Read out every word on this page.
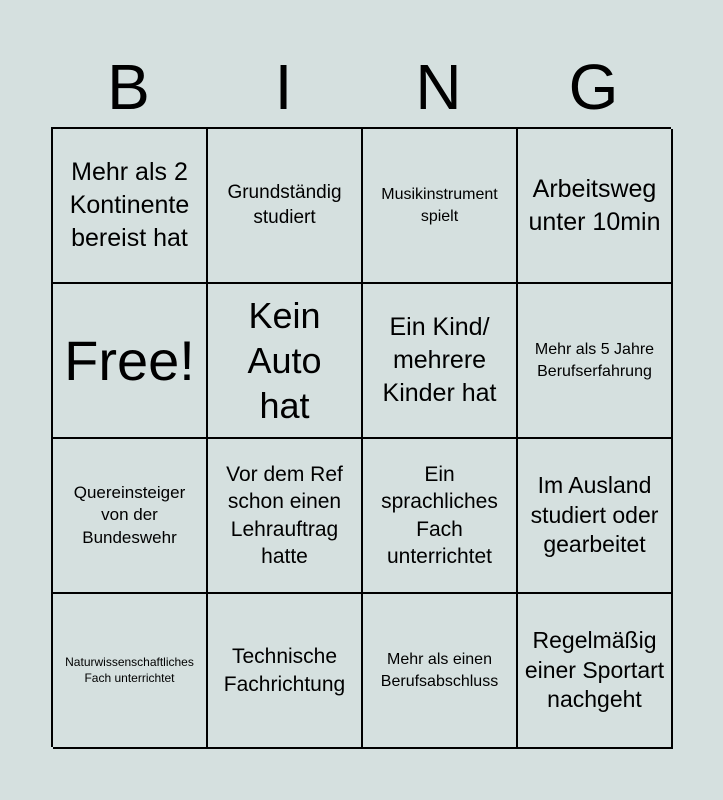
B	I	N	G
Mehr als 2 Kontinente bereist hat
Grundständig studiert
Musikinstrument spielt
Arbeitsweg unter 10min
Free!
Kein Auto hat
Ein Kind/ mehrere Kinder hat
Mehr als 5 Jahre Berufserfahrung
Quereinsteiger von der Bundeswehr
Vor dem Ref schon einen Lehrauftrag hatte
Ein sprachliches Fach unterrichtet
Im Ausland studiert oder gearbeitet
Naturwissenschaftliches Fach unterrichtet
Technische Fachrichtung
Mehr als einen Berufsabschluss
Regelmäßig einer Sportart nachgeht
